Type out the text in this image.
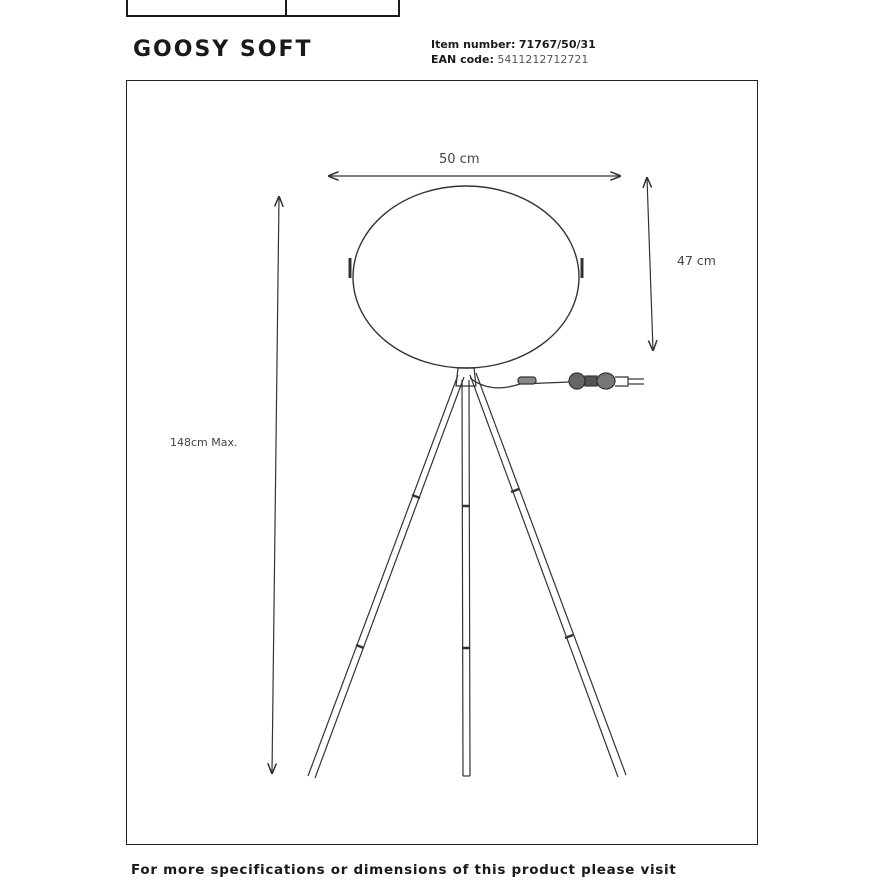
GOOSY SOFT	Item number: 71767/50/31
EAN code: 5411212712721
50 cm
47 cm
148cm Max.
For more specifications or dimensions of this product please visit
